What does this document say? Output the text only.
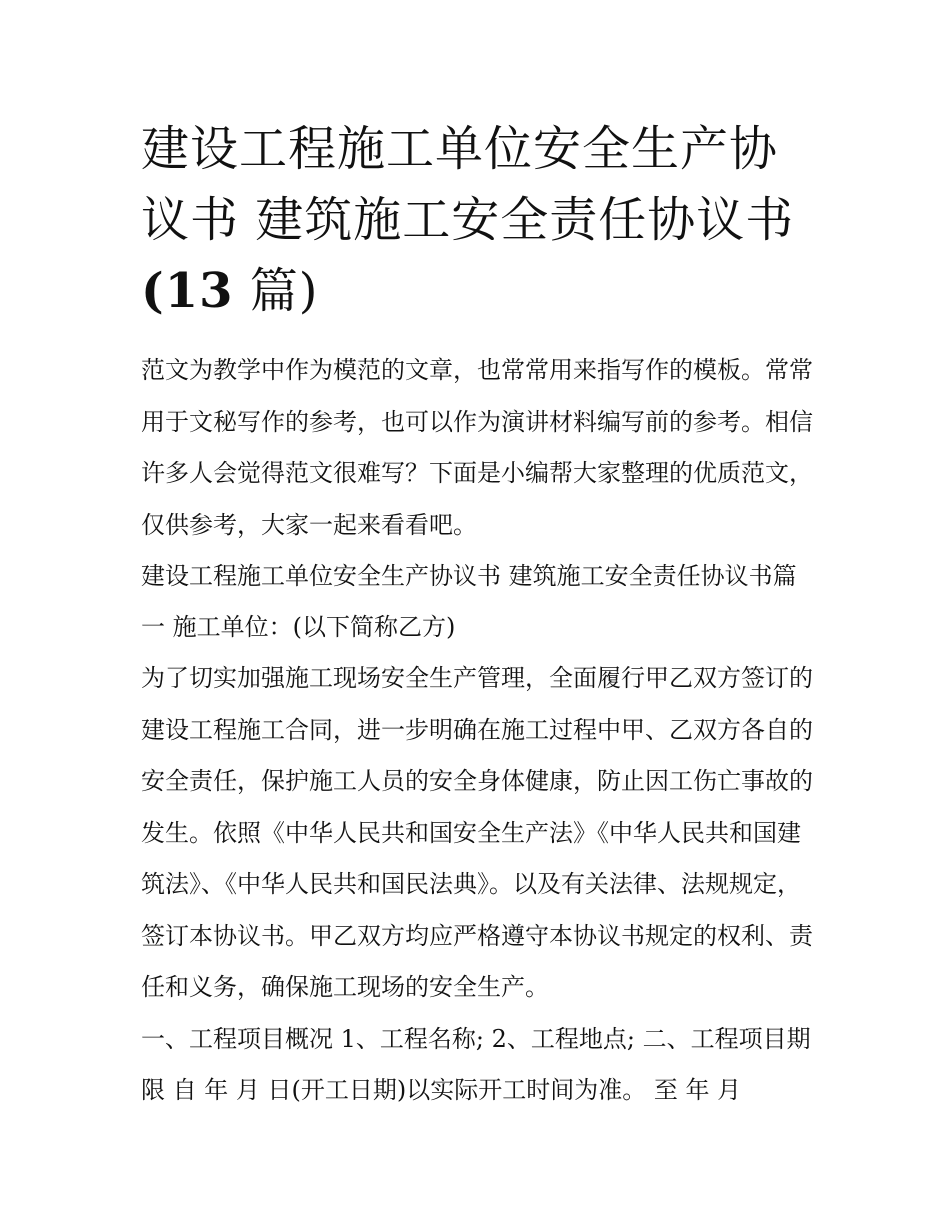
建设工程施工单位安全生产协
议书 建筑施工安全责任协议书
(13 篇)

范文为教学中作为模范的文章，也常常用来指写作的模板。常常用于文秘写作的参考，也可以作为演讲材料编写前的参考。相信许多人会觉得范文很难写？下面是小编帮大家整理的优质范文，仅供参考，大家一起来看看吧。

建设工程施工单位安全生产协议书 建筑施工安全责任协议书篇一 施工单位：(以下简称乙方)

为了切实加强施工现场安全生产管理，全面履行甲乙双方签订的建设工程施工合同，进一步明确在施工过程中甲、乙双方各自的安全责任，保护施工人员的安全身体健康，防止因工伤亡事故的发生。依照《中华人民共和国安全生产法》《中华人民共和国建筑法》、《中华人民共和国民法典》。以及有关法律、法规规定，签订本协议书。甲乙双方均应严格遵守本协议书规定的权利、责任和义务，确保施工现场的安全生产。

一、工程项目概况 1、工程名称; 2、工程地点; 二、工程项目期限 自 年 月 日(开工日期)以实际开工时间为准。 至 年 月
